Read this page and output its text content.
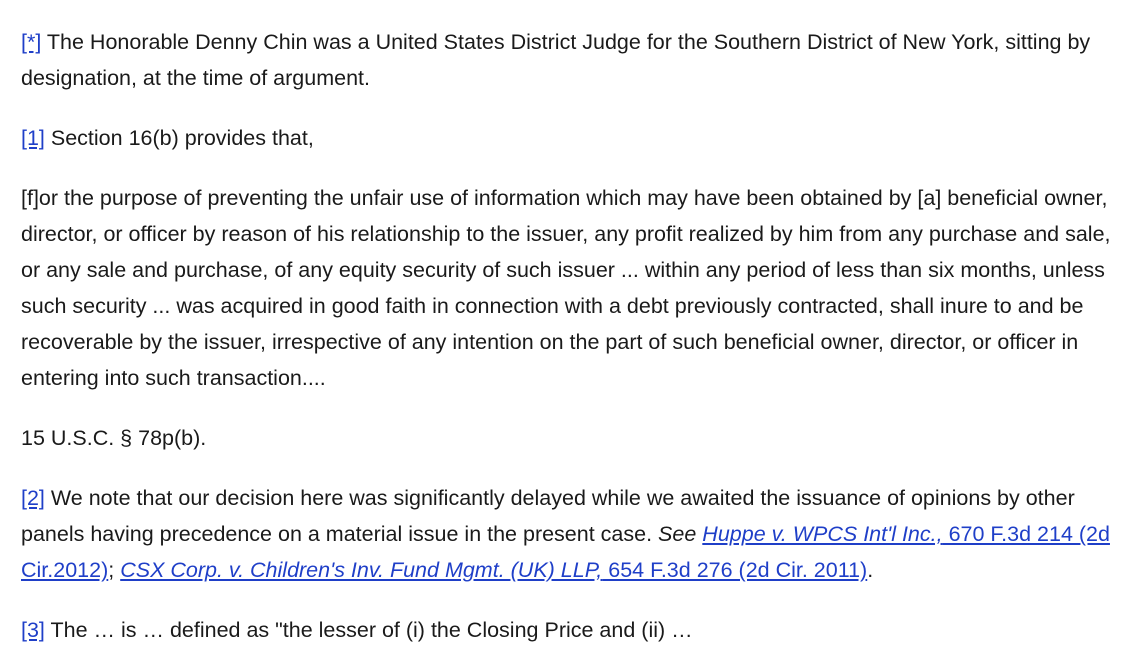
[*] The Honorable Denny Chin was a United States District Judge for the Southern District of New York, sitting by designation, at the time of argument.

[1] Section 16(b) provides that,

[f]or the purpose of preventing the unfair use of information which may have been obtained by [a] beneficial owner, director, or officer by reason of his relationship to the issuer, any profit realized by him from any purchase and sale, or any sale and purchase, of any equity security of such issuer ... within any period of less than six months, unless such security ... was acquired in good faith in connection with a debt previously contracted, shall inure to and be recoverable by the issuer, irrespective of any intention on the part of such beneficial owner, director, or officer in entering into such transaction....

15 U.S.C. § 78p(b).

[2] We note that our decision here was significantly delayed while we awaited the issuance of opinions by other panels having precedence on a material issue in the present case. See Huppe v. WPCS Int'l Inc., 670 F.3d 214 (2d Cir.2012); CSX Corp. v. Children's Inv. Fund Mgmt. (UK) LLP, 654 F.3d 276 (2d Cir. 2011).

[3] The … is … defined as "the lesser of (i) the Closing Price and (ii) …
